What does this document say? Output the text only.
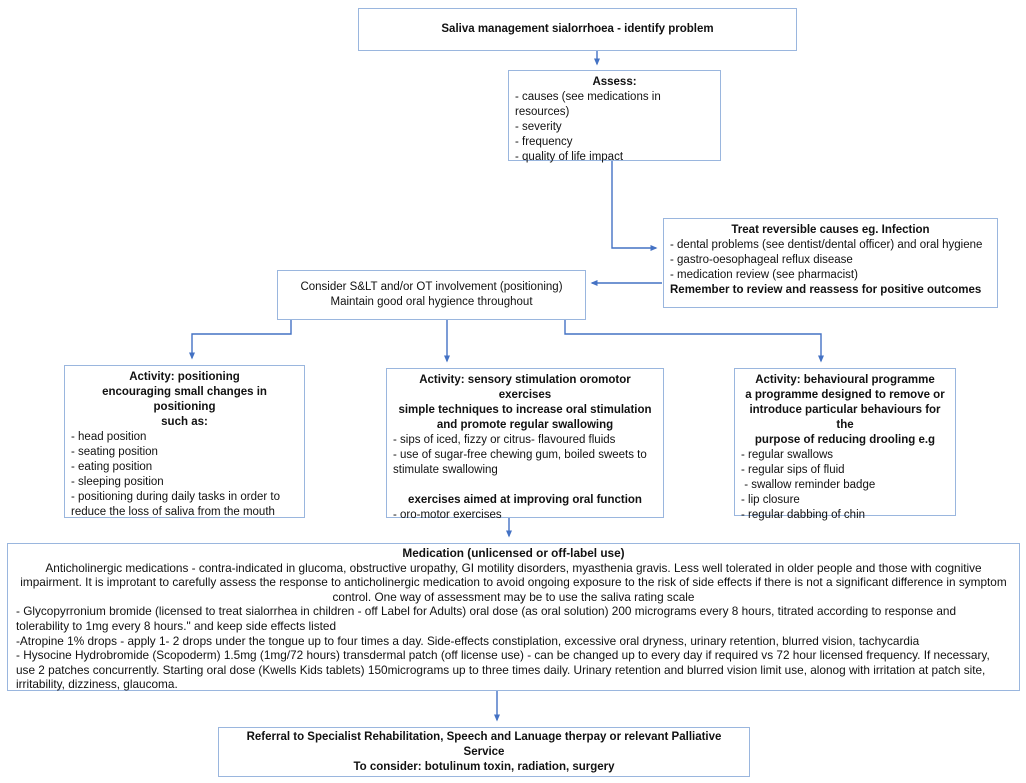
Saliva management sialorrhoea - identify problem
Assess:
- causes (see medications in resources)
- severity
- frequency
- quality of life impact
Treat reversible causes eg. Infection
- dental problems (see dentist/dental officer) and oral hygiene
- gastro-oesophageal reflux disease
- medication review (see pharmacist)
Remember to review and reassess for positive outcomes
Consider S&LT and/or OT involvement (positioning)
Maintain good oral hygience throughout
Activity: positioning
encouraging small changes in positioning
such as:
- head position
- seating position
- eating position
- sleeping position
- positioning during daily tasks in order to reduce the loss of saliva from the mouth
Activity: sensory stimulation oromotor exercises
simple techniques to increase oral stimulation
and promote regular swallowing
- sips of iced, fizzy or citrus- flavoured fluids
- use of sugar-free chewing gum, boiled sweets to stimulate swallowing
exercises aimed at improving oral function
- oro-motor exercises
Activity: behavioural programme
a programme designed to remove or
introduce particular behaviours for the
purpose of reducing drooling e.g
- regular swallows
- regular sips of fluid
- swallow reminder badge
- lip closure
- regular dabbing of chin
Medication (unlicensed or off-label use)
Anticholinergic medications - contra-indicated in glucoma, obstructive uropathy, GI motility disorders, myasthenia gravis. Less well tolerated in older people and those with cognitive impairment. It is improtant to carefully assess the response to anticholinergic medication to avoid ongoing exposure to the risk of side effects if there is not a significant difference in symptom control. One way of assessment may be to use the saliva rating scale
- Glycopyrronium bromide (licensed to treat sialorrhea in children - off Label for Adults) oral dose (as oral solution) 200 micrograms every 8 hours, titrated according to response and tolerability to 1mg every 8 hours." and keep side effects listed
-Atropine 1% drops - apply 1- 2 drops under the tongue up to four times a day. Side-effects constiplation, excessive oral dryness, urinary retention, blurred vision, tachycardia
- Hysocine Hydrobromide (Scopoderm) 1.5mg (1mg/72 hours) transdermal patch (off license use) - can be changed up to every day if required vs 72 hour licensed frequency. If necessary, use 2 patches concurrently. Starting oral dose (Kwells Kids tablets) 150micrograms up to three times daily. Urinary retention and blurred vision limit use, alonog with irritation at patch site, irritability, dizziness, glaucoma.
Referral to Specialist Rehabilitation, Speech and Lanuage therpay or relevant Palliative Service
To consider: botulinum toxin, radiation, surgery
